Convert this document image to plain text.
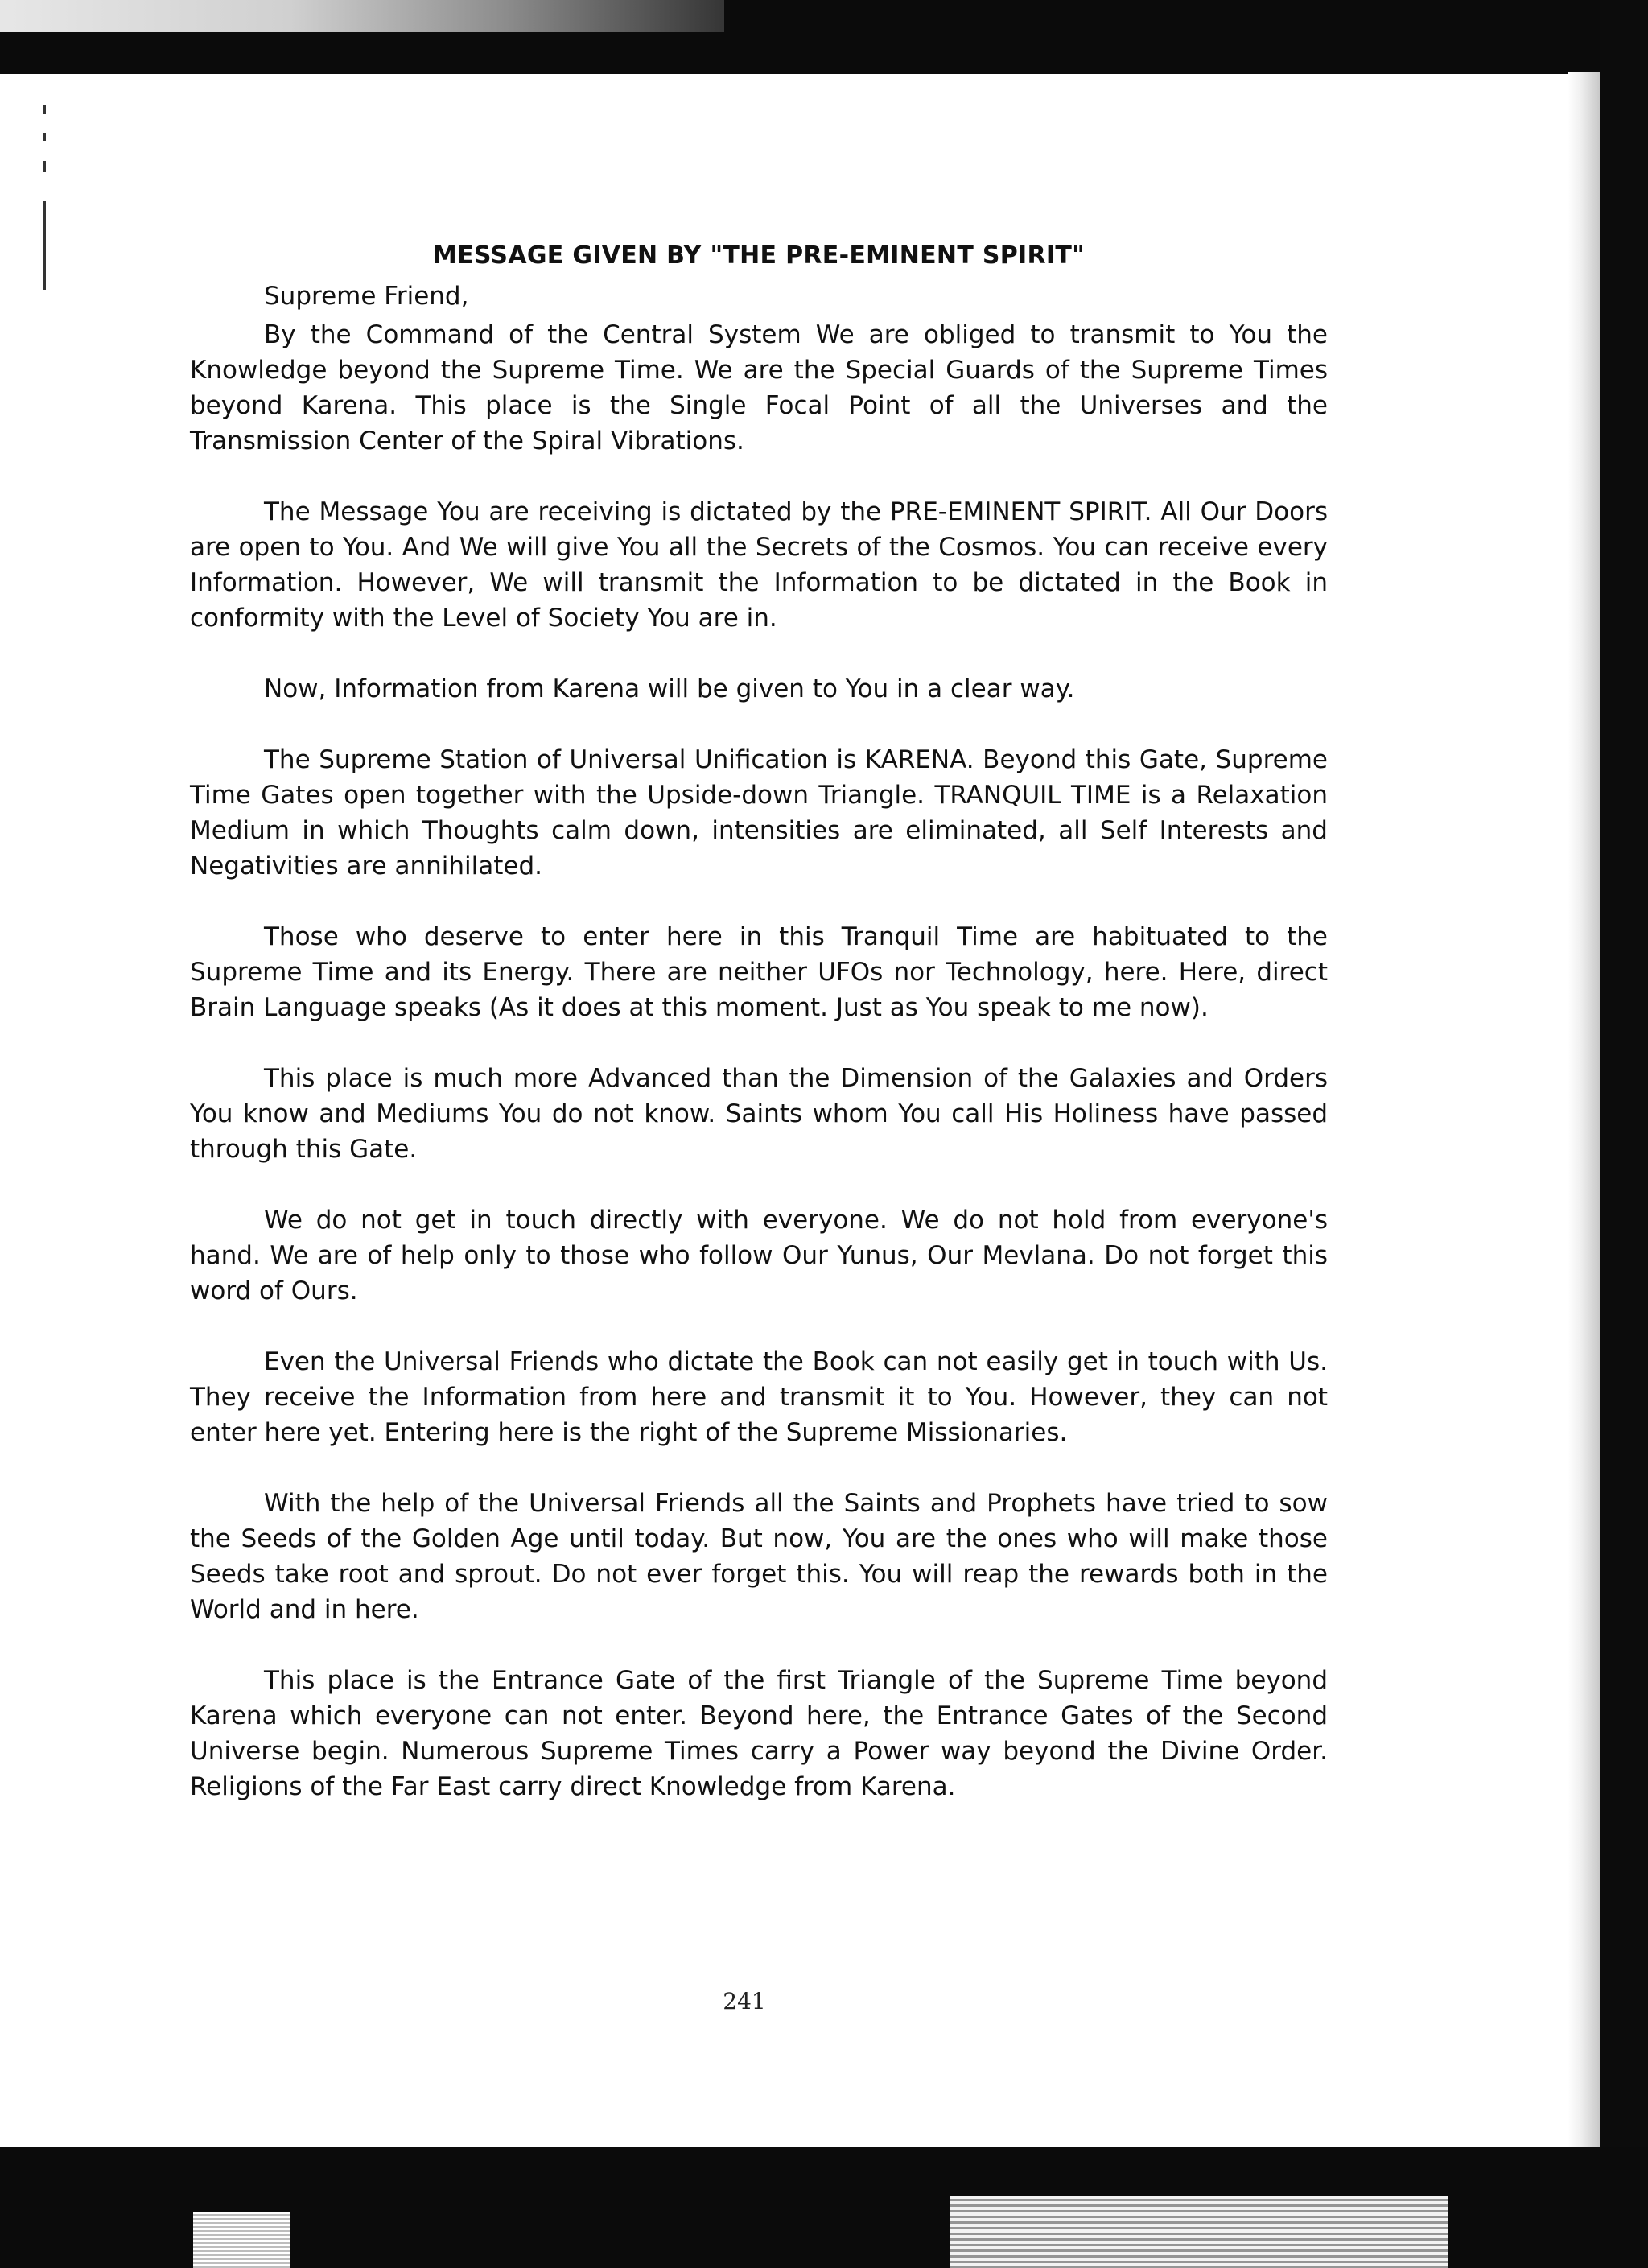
MESSAGE GIVEN BY "THE PRE-EMINENT SPIRIT"

Supreme Friend,

By the Command of the Central System We are obliged to transmit to You the Knowledge beyond the Supreme Time. We are the Special Guards of the Supreme Times beyond Karena. This place is the Single Focal Point of all the Universes and the Transmission Center of the Spiral Vibrations.

The Message You are receiving is dictated by the PRE-EMINENT SPIRIT. All Our Doors are open to You. And We will give You all the Secrets of the Cosmos. You can receive every Information. However, We will transmit the Information to be dictated in the Book in conformity with the Level of Society You are in.

Now, Information from Karena will be given to You in a clear way.

The Supreme Station of Universal Unification is KARENA. Beyond this Gate, Supreme Time Gates open together with the Upside-down Triangle. TRANQUIL TIME is a Relaxation Medium in which Thoughts calm down, intensities are eliminated, all Self Interests and Negativities are annihilated.

Those who deserve to enter here in this Tranquil Time are habituated to the Supreme Time and its Energy. There are neither UFOs nor Technology, here. Here, direct Brain Language speaks (As it does at this moment. Just as You speak to me now).

This place is much more Advanced than the Dimension of the Galaxies and Orders You know and Mediums You do not know. Saints whom You call His Holiness have passed through this Gate.

We do not get in touch directly with everyone. We do not hold from everyone's hand. We are of help only to those who follow Our Yunus, Our Mevlana. Do not forget this word of Ours.

Even the Universal Friends who dictate the Book can not easily get in touch with Us. They receive the Information from here and transmit it to You. However, they can not enter here yet. Entering here is the right of the Supreme Missionaries.

With the help of the Universal Friends all the Saints and Prophets have tried to sow the Seeds of the Golden Age until today. But now, You are the ones who will make those Seeds take root and sprout. Do not ever forget this. You will reap the rewards both in the World and in here.

This place is the Entrance Gate of the first Triangle of the Supreme Time beyond Karena which everyone can not enter. Beyond here, the Entrance Gates of the Second Universe begin. Numerous Supreme Times carry a Power way beyond the Divine Order. Religions of the Far East carry direct Knowledge from Karena.

241
